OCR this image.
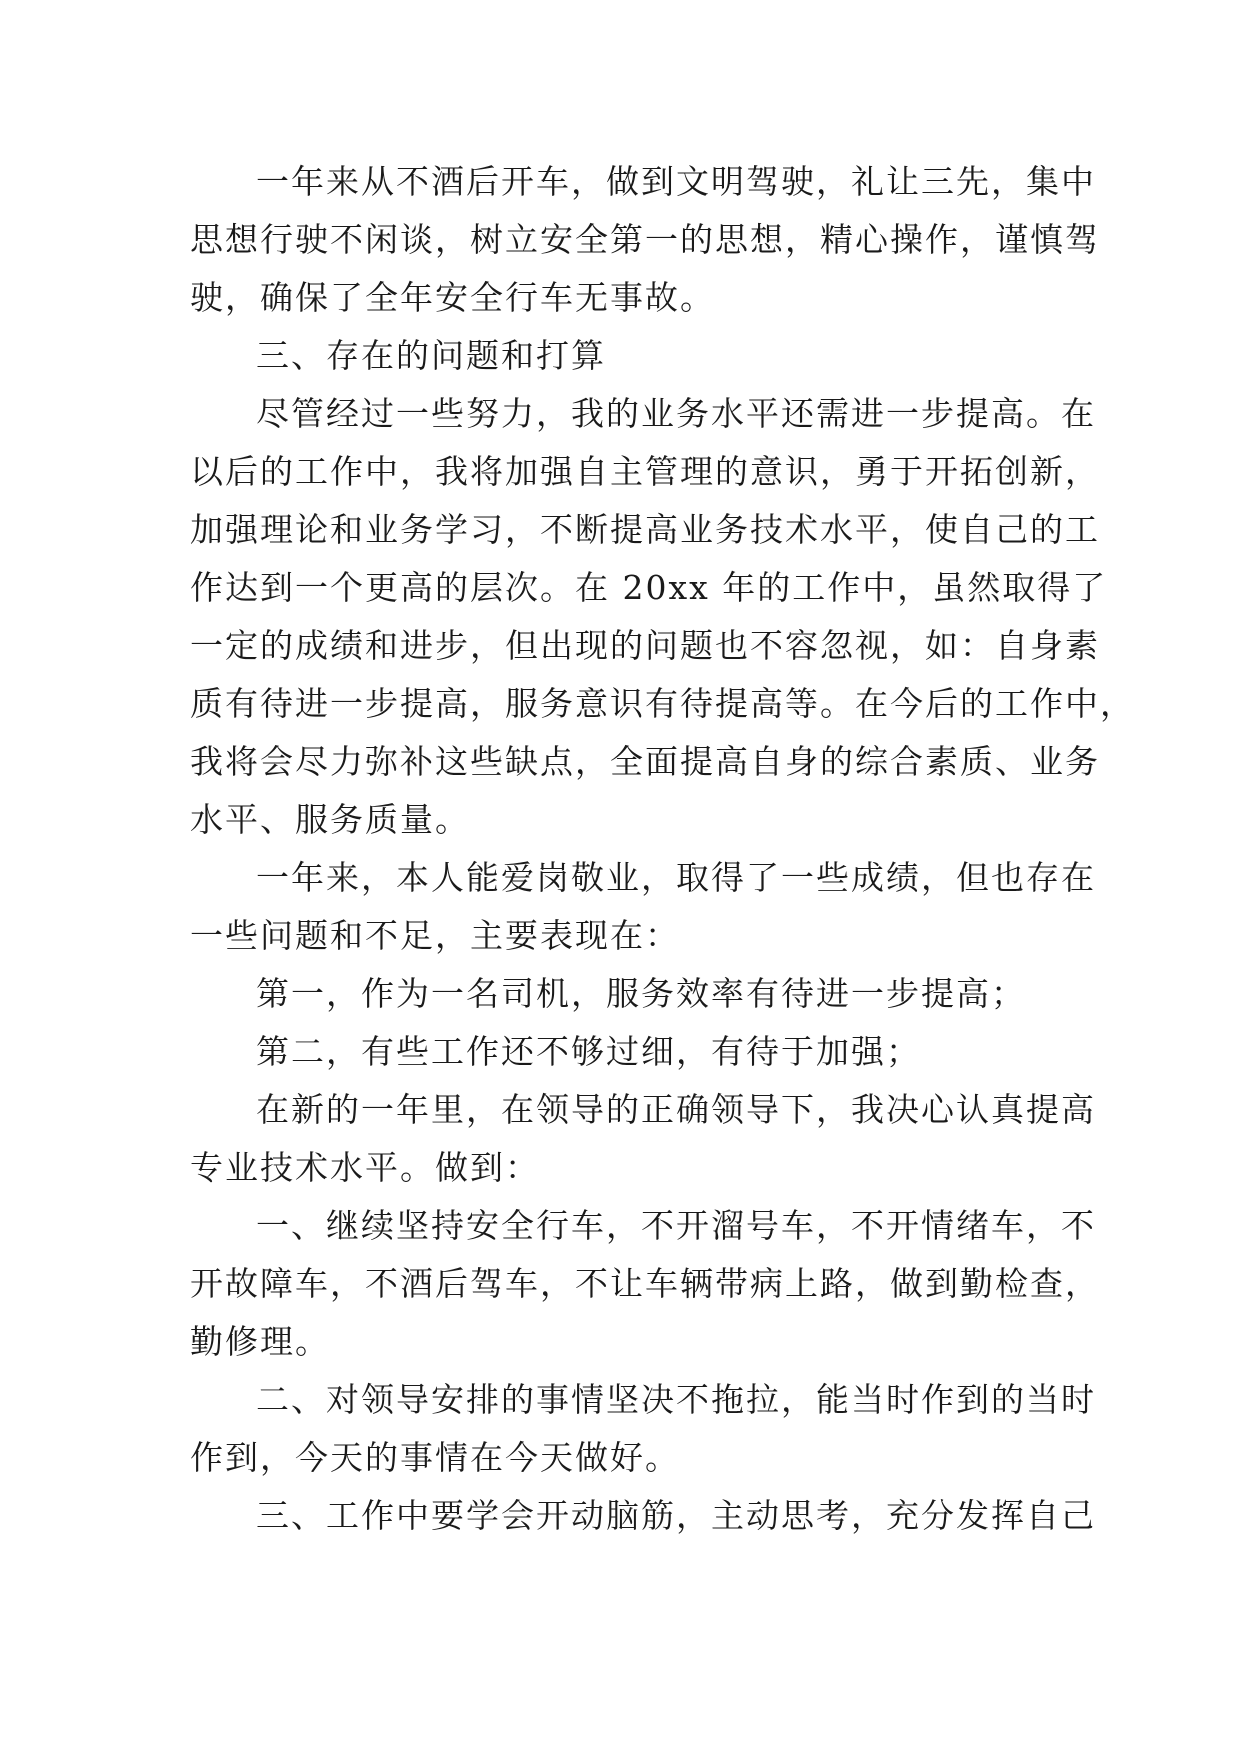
一年来从不酒后开车，做到文明驾驶，礼让三先，集中
思想行驶不闲谈，树立安全第一的思想，精心操作，谨慎驾
驶，确保了全年安全行车无事故。
三、存在的问题和打算
尽管经过一些努力，我的业务水平还需进一步提高。在
以后的工作中，我将加强自主管理的意识，勇于开拓创新，
加强理论和业务学习，不断提高业务技术水平，使自己的工
作达到一个更高的层次。在 20xx 年的工作中，虽然取得了
一定的成绩和进步，但出现的问题也不容忽视，如：自身素
质有待进一步提高，服务意识有待提高等。在今后的工作中，
我将会尽力弥补这些缺点，全面提高自身的综合素质、业务
水平、服务质量。
一年来，本人能爱岗敬业，取得了一些成绩，但也存在
一些问题和不足，主要表现在：
第一，作为一名司机，服务效率有待进一步提高；
第二，有些工作还不够过细，有待于加强；
在新的一年里，在领导的正确领导下，我决心认真提高
专业技术水平。做到：
一、继续坚持安全行车，不开溜号车，不开情绪车，不
开故障车，不酒后驾车，不让车辆带病上路，做到勤检查，
勤修理。
二、对领导安排的事情坚决不拖拉，能当时作到的当时
作到，今天的事情在今天做好。
三、工作中要学会开动脑筋，主动思考，充分发挥自己
